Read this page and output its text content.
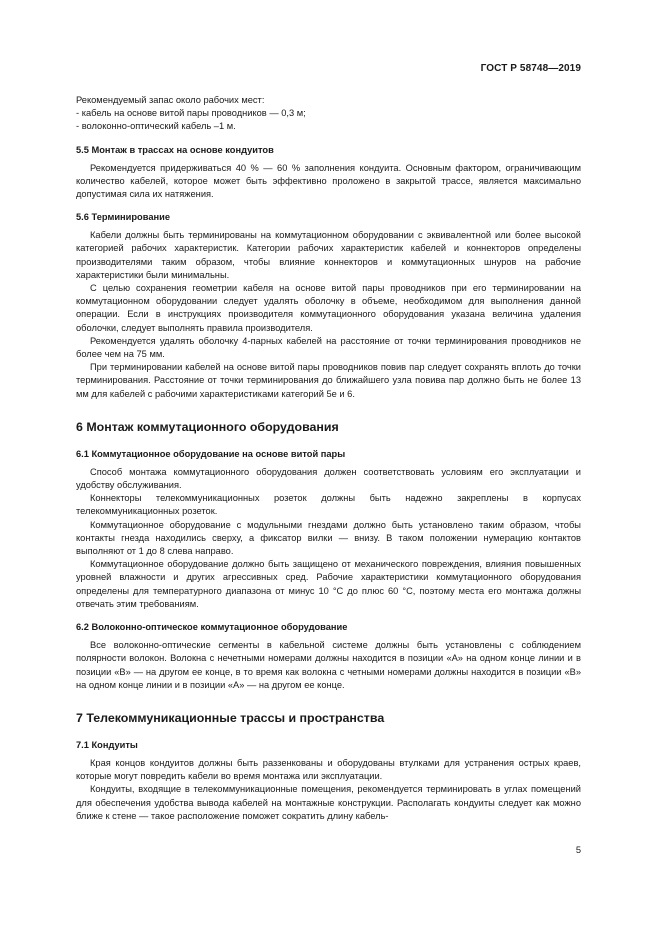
ГОСТ Р 58748—2019

Рекомендуемый запас около рабочих мест:

- кабель на основе витой пары проводников — 0,3 м;
- волоконно-оптический кабель –1 м.
5.5 Монтаж в трассах на основе кондуитов

Рекомендуется придерживаться 40 % — 60 % заполнения кондуита. Основным фактором, ограничивающим количество кабелей, которое может быть эффективно проложено в закрытой трассе, является максимально допустимая сила их натяжения.

5.6 Терминирование

Кабели должны быть терминированы на коммутационном оборудовании с эквивалентной или более высокой категорией рабочих характеристик. Категории рабочих характеристик кабелей и коннекторов определены производителями таким образом, чтобы влияние коннекторов и коммутационных шнуров на рабочие характеристики были минимальны.

С целью сохранения геометрии кабеля на основе витой пары проводников при его терминировании на коммутационном оборудовании следует удалять оболочку в объеме, необходимом для выполнения данной операции. Если в инструкциях производителя коммутационного оборудования указана величина удаления оболочки, следует выполнять правила производителя.

Рекомендуется удалять оболочку 4-парных кабелей на расстояние от точки терминирования проводников не более чем на 75 мм.

При терминировании кабелей на основе витой пары проводников повив пар следует сохранять вплоть до точки терминирования. Расстояние от точки терминирования до ближайшего узла повива пар должно быть не более 13 мм для кабелей с рабочими характеристиками категорий 5е и 6.

6 Монтаж коммутационного оборудования
6.1 Коммутационное оборудование на основе витой пары

Способ монтажа коммутационного оборудования должен соответствовать условиям его эксплуатации и удобству обслуживания.

Коннекторы телекоммуникационных розеток должны быть надежно закреплены в корпусах телекоммуникационных розеток.

Коммутационное оборудование с модульными гнездами должно быть установлено таким образом, чтобы контакты гнезда находились сверху, а фиксатор вилки — внизу. В таком положении нумерацию контактов выполняют от 1 до 8 слева направо.

Коммутационное оборудование должно быть защищено от механического повреждения, влияния повышенных уровней влажности и других агрессивных сред. Рабочие характеристики коммутационного оборудования определены для температурного диапазона от минус 10 °С до плюс 60 °С, поэтому места его монтажа должны отвечать этим требованиям.

6.2 Волоконно-оптическое коммутационное оборудование

Все волоконно-оптические сегменты в кабельной системе должны быть установлены с соблюдением полярности волокон. Волокна с нечетными номерами должны находится в позиции «А» на одном конце линии и в позиции «В» — на другом ее конце, в то время как волокна с четными номерами должны находится в позиции «В» на одном конце линии и в позиции «А» — на другом ее конце.

7 Телекоммуникационные трассы и пространства
7.1 Кондуиты

Края концов кондуитов должны быть раззенкованы и оборудованы втулками для устранения острых краев, которые могут повредить кабели во время монтажа или эксплуатации.

Кондуиты, входящие в телекоммуникационные помещения, рекомендуется терминировать в углах помещений для обеспечения удобства вывода кабелей на монтажные конструкции. Располагать кондуиты следует как можно ближе к стене — такое расположение поможет сократить длину кабель-

5
